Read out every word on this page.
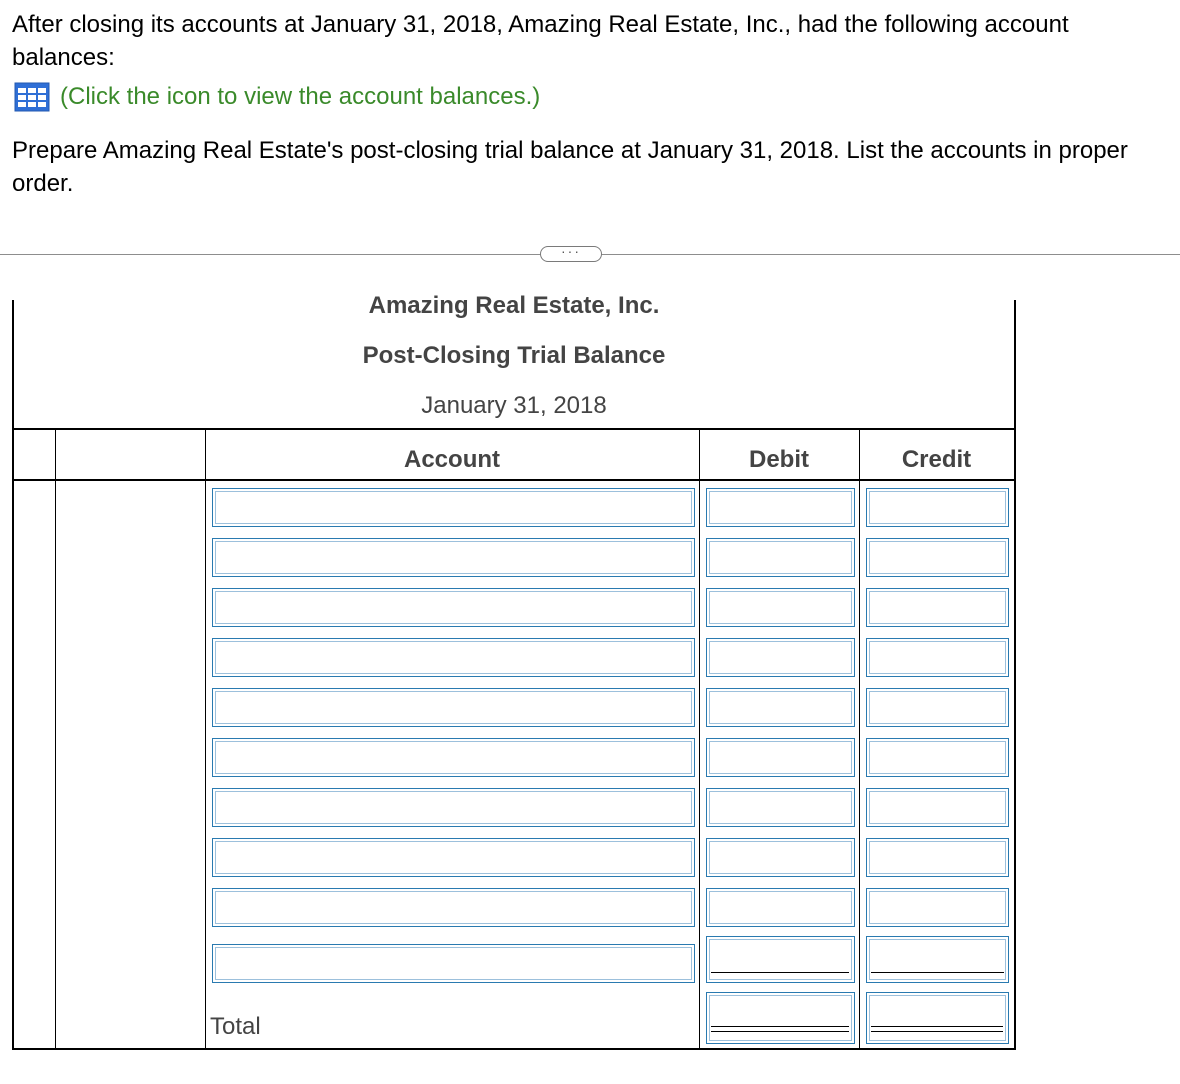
After closing its accounts at January 31, 2018, Amazing Real Estate, Inc., had the following account balances:
(Click the icon to view the account balances.)
Prepare Amazing Real Estate's post-closing trial balance at January 31, 2018. List the accounts in proper order.
···
Amazing Real Estate, Inc.
Post-Closing Trial Balance
January 31, 2018
Account	Debit	Credit
Total
